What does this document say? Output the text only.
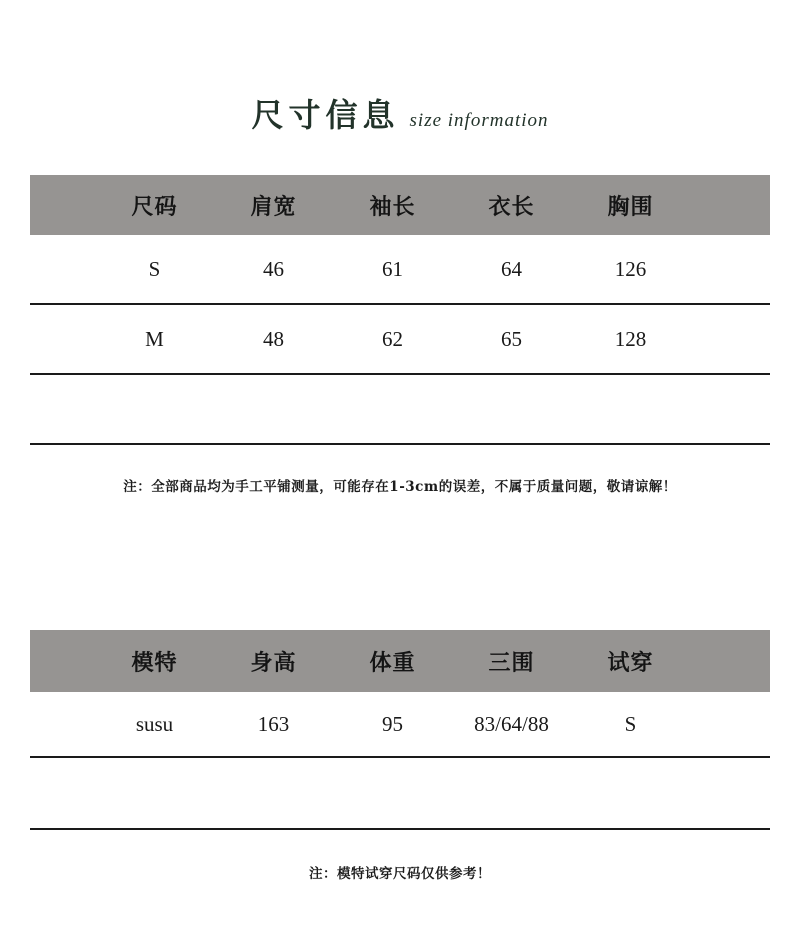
尺寸信息 size information
尺码	肩宽	袖长	衣长	胸围
S	46	61	64	126
M	48	62	65	128
注：全部商品均为手工平铺测量，可能存在1-3cm的误差，不属于质量问题，敬请谅解！
模特	身高	体重	三围	试穿
susu	163	95	83/64/88	S
注：模特试穿尺码仅供参考！
